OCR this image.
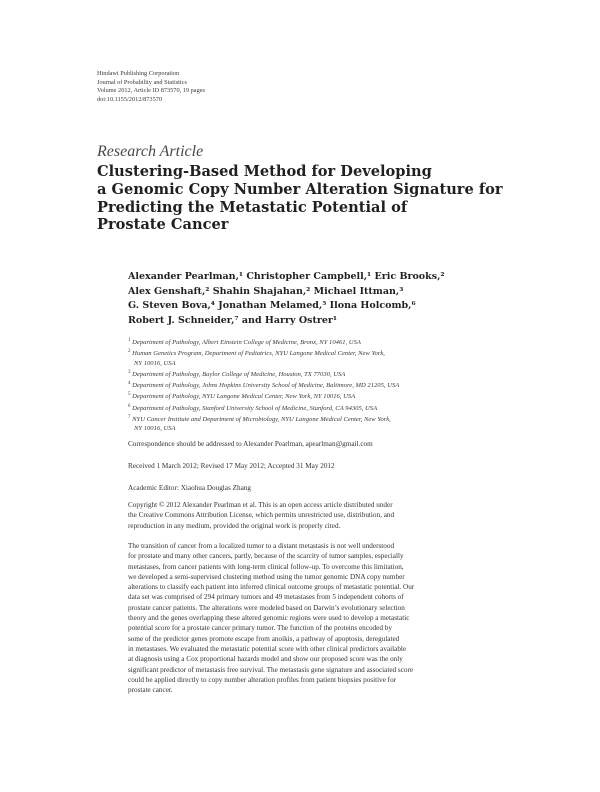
Hindawi Publishing Corporation
Journal of Probability and Statistics
Volume 2012, Article ID 873570, 19 pages
doi:10.1155/2012/873570
Research Article
Clustering-Based Method for Developing
a Genomic Copy Number Alteration Signature for
Predicting the Metastatic Potential of
Prostate Cancer
Alexander Pearlman,¹ Christopher Campbell,¹ Eric Brooks,²
Alex Genshaft,² Shahin Shajahan,² Michael Ittman,³
G. Steven Bova,⁴ Jonathan Melamed,⁵ Ilona Holcomb,⁶
Robert J. Schneider,⁷ and Harry Ostrer¹
$^1$ Department of Pathology, Albert Einstein College of Medicine, Bronx, NY 10461, USA
$^2$ Human Genetics Program, Department of Pediatrics, NYU Langone Medical Center, New York,
NY 10016, USA
$^3$ Department of Pathology, Baylor College of Medicine, Houston, TX 77030, USA
$^4$ Department of Pathology, Johns Hopkins University School of Medicine, Baltimore, MD 21205, USA
$^5$ Department of Pathology, NYU Langone Medical Center, New York, NY 10016, USA
$^6$ Department of Pathology, Stanford University School of Medicine, Stanford, CA 94305, USA
$^7$ NYU Cancer Institute and Department of Microbiology, NYU Langone Medical Center, New York,
NY 10016, USA
Correspondence should be addressed to Alexander Pearlman, apearlman@gmail.com
Received 1 March 2012; Revised 17 May 2012; Accepted 31 May 2012
Academic Editor: Xiaohua Douglas Zhang
Copyright © 2012 Alexander Pearlman et al. This is an open access article distributed under
the Creative Commons Attribution License, which permits unrestricted use, distribution, and
reproduction in any medium, provided the original work is properly cited.
The transition of cancer from a localized tumor to a distant metastasis is not well understood
for prostate and many other cancers, partly, because of the scarcity of tumor samples, especially
metastases, from cancer patients with long-term clinical follow-up. To overcome this limitation,
we developed a semi-supervised clustering method using the tumor genomic DNA copy number
alterations to classify each patient into inferred clinical outcome groups of metastatic potential. Our
data set was comprised of 294 primary tumors and 49 metastases from 5 independent cohorts of
prostate cancer patients. The alterations were modeled based on Darwin’s evolutionary selection
theory and the genes overlapping these altered genomic regions were used to develop a metastatic
potential score for a prostate cancer primary tumor. The function of the proteins encoded by
some of the predictor genes promote escape from anoikis, a pathway of apoptosis, deregulated
in metastases. We evaluated the metastatic potential score with other clinical predictors available
at diagnosis using a Cox proportional hazards model and show our proposed score was the only
significant predictor of metastasis free survival. The metastasis gene signature and associated score
could be applied directly to copy number alteration profiles from patient biopsies positive for
prostate cancer.
